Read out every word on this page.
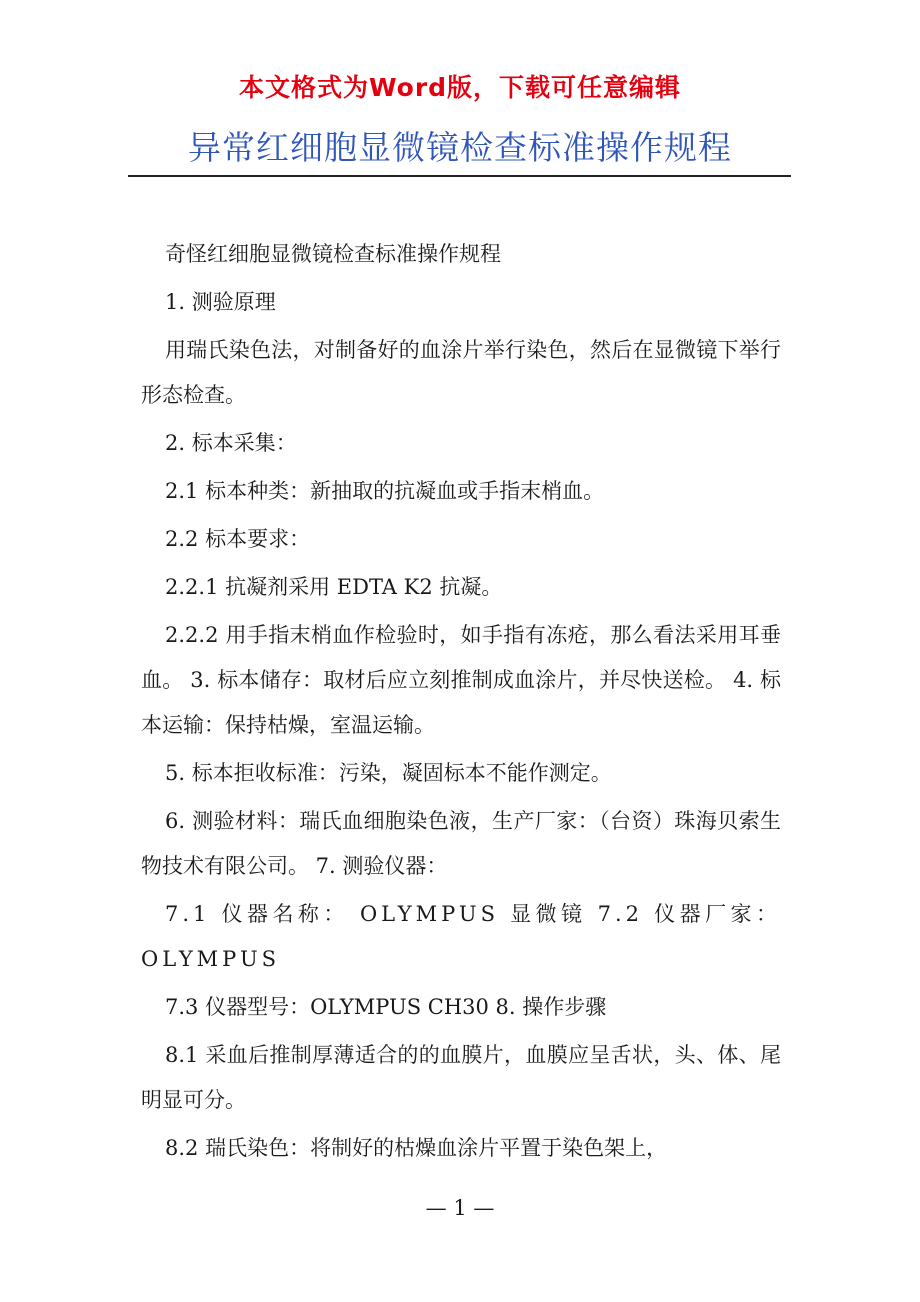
本文格式为Word版，下载可任意编辑
异常红细胞显微镜检查标准操作规程

奇怪红细胞显微镜检查标准操作规程

1. 测验原理

用瑞氏染色法，对制备好的血涂片举行染色，然后在显微镜下举行形态检查。

2. 标本采集：

2.1 标本种类：新抽取的抗凝血或手指末梢血。

2.2 标本要求：

2.2.1 抗凝剂采用 EDTA K2 抗凝。

2.2.2 用手指末梢血作检验时，如手指有冻疮，那么看法采用耳垂血。 3. 标本储存：取材后应立刻推制成血涂片，并尽快送检。 4. 标本运输：保持枯燥，室温运输。

5. 标本拒收标准：污染，凝固标本不能作测定。

6. 测验材料：瑞氏血细胞染色液，生产厂家：（台资）珠海贝索生物技术有限公司。 7. 测验仪器：

7.1 仪器名称： OLYMPUS 显微镜 7.2 仪器厂家：OLYMPUS

7.3 仪器型号：OLYMPUS CH30 8. 操作步骤

8.1 采血后推制厚薄适合的的血膜片，血膜应呈舌状，头、体、尾明显可分。

8.2 瑞氏染色：将制好的枯燥血涂片平置于染色架上，

— 1 —
